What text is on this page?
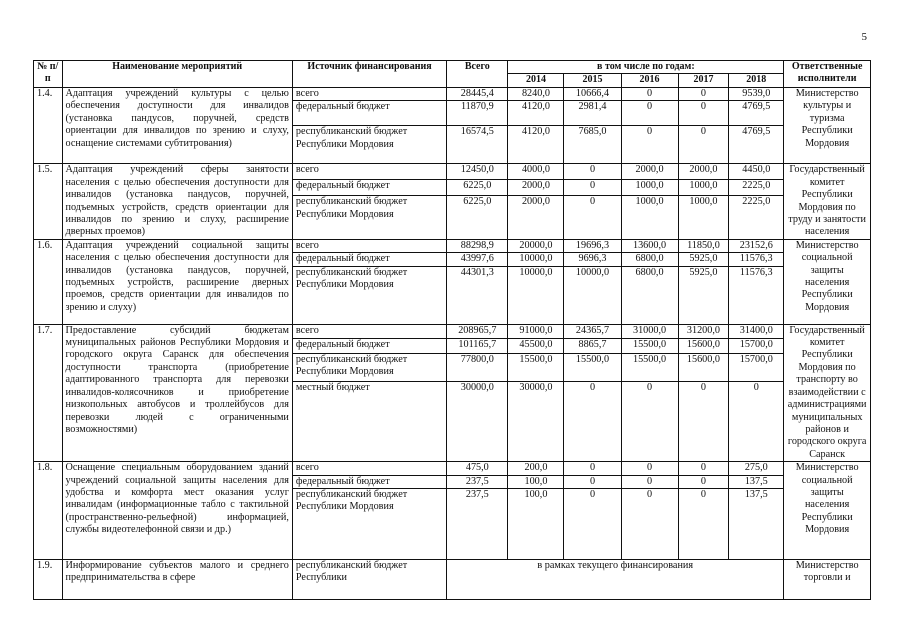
5
№ п/п	Наименование мероприятий	Источник финансирования	Всего	в том числе по годам:					Ответственные исполнители
				2014	2015	2016	2017	2018	
1.4.	Адаптация учреждений культуры с целью обеспечения доступности для инвалидов (установка пандусов, поручней, средств ориентации для инвалидов по зрению и слуху, оснащение системами субтитрования)	всего	28445,4	8240,0	10666,4	0	0	9539,0	Министерство культуры и туризма Республики Мордовия
		федеральный бюджет	11870,9	4120,0	2981,4	0	0	4769,5	
		республиканский бюджет Республики Мордовия	16574,5	4120,0	7685,0	0	0	4769,5	
1.5.	Адаптация учреждений сферы занятости населения с целью обеспечения доступности для инвалидов (установка пандусов, поручней, подъемных устройств, средств ориентации для инвалидов по зрению и слуху, расширение дверных проемов)	всего	12450,0	4000,0	0	2000,0	2000,0	4450,0	Государственный комитет Республики Мордовия по труду и занятости населения
		федеральный бюджет	6225,0	2000,0	0	1000,0	1000,0	2225,0	
		республиканский бюджет Республики Мордовия	6225,0	2000,0	0	1000,0	1000,0	2225,0	
1.6.	Адаптация учреждений социальной защиты населения с целью обеспечения доступности для инвалидов (установка пандусов, поручней, подъемных устройств, расширение дверных проемов, средств ориентации для инвалидов по зрению и слуху)	всего	88298,9	20000,0	19696,3	13600,0	11850,0	23152,6	Министерство социальной защиты населения Республики Мордовия
		федеральный бюджет	43997,6	10000,0	9696,3	6800,0	5925,0	11576,3	
		республиканский бюджет Республики Мордовия	44301,3	10000,0	10000,0	6800,0	5925,0	11576,3	
1.7.	Предоставление субсидий бюджетам муниципальных районов Республики Мордовия и городского округа Саранск для обеспечения доступности транспорта (приобретение адаптированного транспорта для перевозки инвалидов-колясочников и приобретение низкопольных автобусов и троллейбусов для перевозки людей с ограниченными возможностями)	всего	208965,7	91000,0	24365,7	31000,0	31200,0	31400,0	Государственный комитет Республики Мордовия по транспорту во взаимодействии с администрациями муниципальных районов и городского округа Саранск
		федеральный бюджет	101165,7	45500,0	8865,7	15500,0	15600,0	15700,0	
		республиканский бюджет Республики Мордовия	77800,0	15500,0	15500,0	15500,0	15600,0	15700,0	
		местный бюджет	30000,0	30000,0	0	0	0	0	
1.8.	Оснащение специальным оборудованием зданий учреждений социальной защиты населения для удобства и комфорта мест оказания услуг инвалидам (информационные табло с тактильной (пространственно-рельефной) информацией, службы видеотелефонной связи и др.)	всего	475,0	200,0	0	0	0	275,0	Министерство социальной защиты населения Республики Мордовия
		федеральный бюджет	237,5	100,0	0	0	0	137,5	
		республиканский бюджет Республики Мордовия	237,5	100,0	0	0	0	137,5	
1.9.	Информирование субъектов малого и среднего предпринимательства в сфере	республиканский бюджет Республики	в рамках текущего финансирования						Министерство торговли и
